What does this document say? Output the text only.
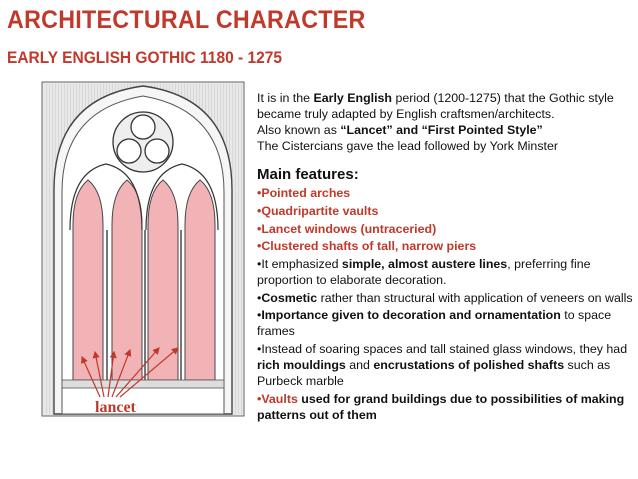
ARCHITECTURAL CHARACTER
EARLY ENGLISH GOTHIC 1180 - 1275
lancet

It is in the Early English period (1200-1275) that the Gothic style became truly adapted by English craftsmen/architects.

Also known as “Lancet” and “First Pointed Style”

The Cistercians gave the lead followed by York Minster

Main features:
•Pointed arches
•Quadripartite vaults
•Lancet windows (untraceried)
•Clustered shafts of tall, narrow piers
•It emphasized simple, almost austere lines, preferring fine proportion to elaborate decoration.
•Cosmetic rather than structural with application of veneers on walls
•Importance given to decoration and ornamentation to space frames
•Instead of soaring spaces and tall stained glass windows, they had rich mouldings and encrustations of polished shafts such as Purbeck marble
•Vaults used for grand buildings due to possibilities of making patterns out of them
